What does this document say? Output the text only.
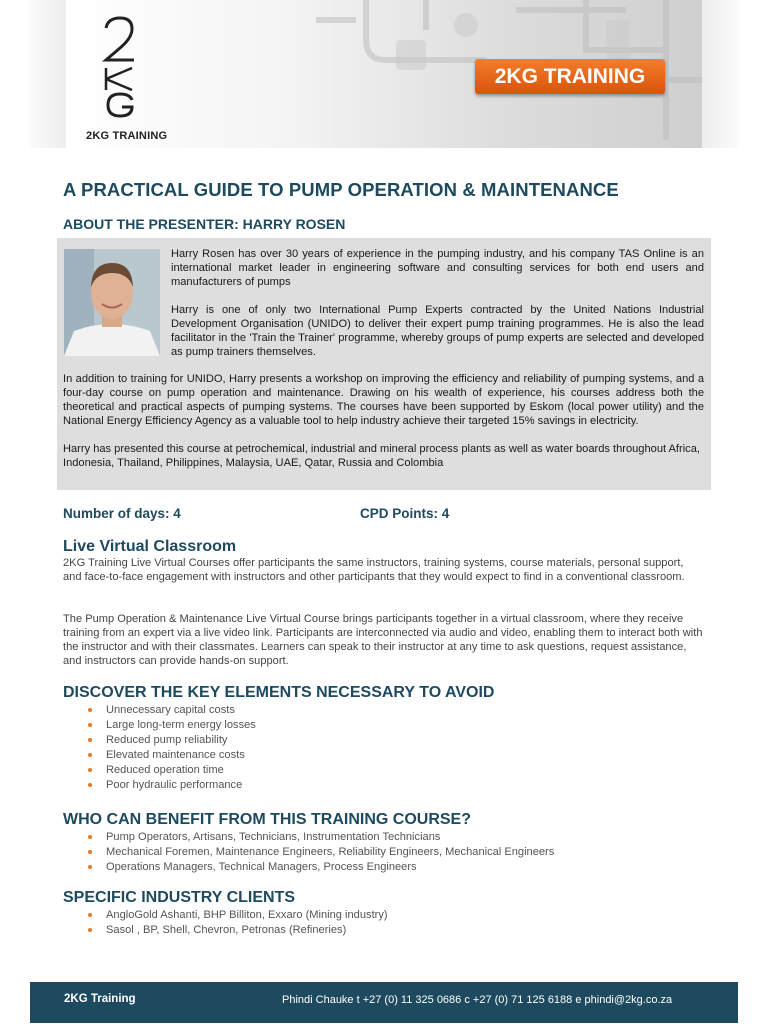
2KG TRAINING
2KG TRAINING
A PRACTICAL GUIDE TO PUMP OPERATION & MAINTENANCE
ABOUT THE PRESENTER: HARRY ROSEN

Harry Rosen has over 30 years of experience in the pumping industry, and his company TAS Online is an international market leader in engineering software and consulting services for both end users and manufacturers of pumps

Harry is one of only two International Pump Experts contracted by the United Nations Industrial Development Organisation (UNIDO) to deliver their expert pump training programmes. He is also the lead facilitator in the 'Train the Trainer' programme, whereby groups of pump experts are selected and developed as pump trainers themselves.

In addition to training for UNIDO, Harry presents a workshop on improving the efficiency and reliability of pumping systems, and a four-day course on pump operation and maintenance. Drawing on his wealth of experience, his courses address both the theoretical and practical aspects of pumping systems. The courses have been supported by Eskom (local power utility) and the National Energy Efficiency Agency as a valuable tool to help industry achieve their targeted 15% savings in electricity.

Harry has presented this course at petrochemical, industrial and mineral process plants as well as water boards throughout Africa, Indonesia, Thailand, Philippines, Malaysia, UAE, Qatar, Russia and Colombia

Number of days: 4	CPD Points: 4
Live Virtual Classroom

2KG Training Live Virtual Courses offer participants the same instructors, training systems, course materials, personal support, and face-to-face engagement with instructors and other participants that they would expect to find in a conventional classroom.

The Pump Operation & Maintenance Live Virtual Course brings participants together in a virtual classroom, where they receive training from an expert via a live video link. Participants are interconnected via audio and video, enabling them to interact both with the instructor and with their classmates. Learners can speak to their instructor at any time to ask questions, request assistance, and instructors can provide hands-on support.

DISCOVER THE KEY ELEMENTS NECESSARY TO AVOID
Unnecessary capital costs
Large long-term energy losses
Reduced pump reliability
Elevated maintenance costs
Reduced operation time
Poor hydraulic performance
WHO CAN BENEFIT FROM THIS TRAINING COURSE?
Pump Operators, Artisans, Technicians, Instrumentation Technicians
Mechanical Foremen, Maintenance Engineers, Reliability Engineers, Mechanical Engineers
Operations Managers, Technical Managers, Process Engineers
SPECIFIC INDUSTRY CLIENTS
AngloGold Ashanti, BHP Billiton, Exxaro (Mining industry)
Sasol , BP, Shell, Chevron, Petronas (Refineries)
2KG Training	Phindi Chauke t +27 (0) 11 325 0686 c +27 (0) 71 125 6188 e phindi@2kg.co.za
